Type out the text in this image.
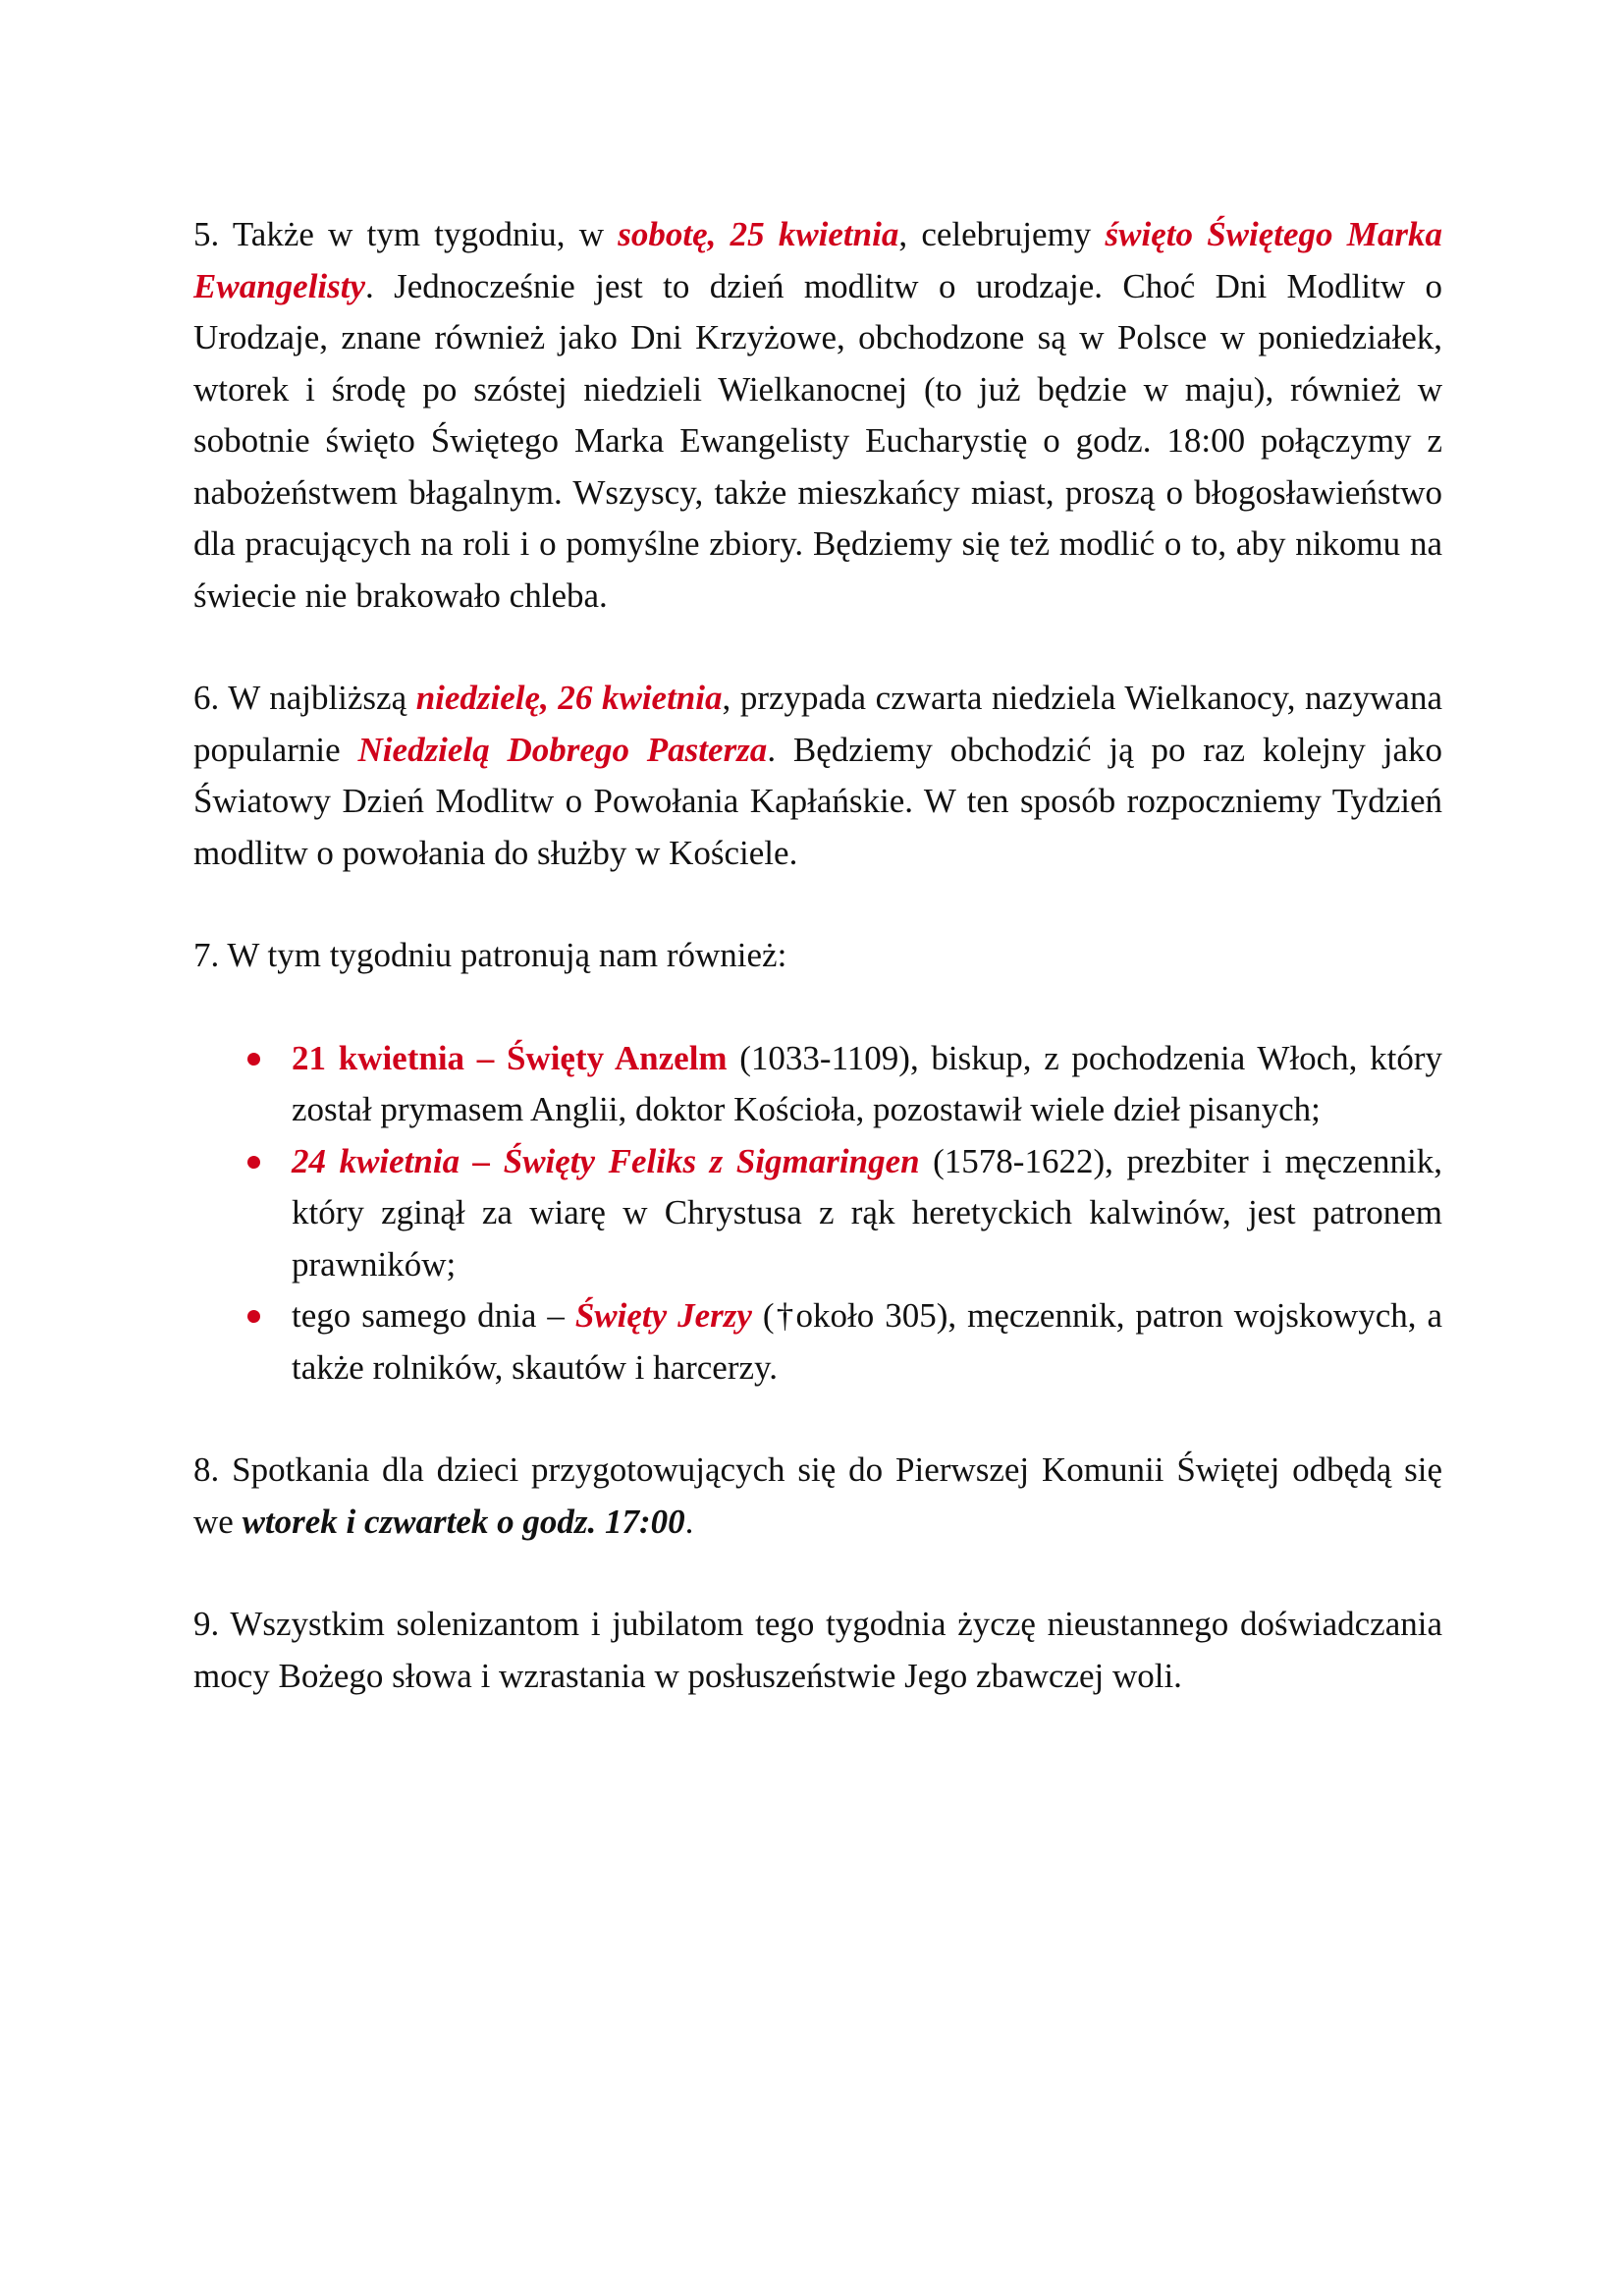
5. Także w tym tygodniu, w sobotę, 25 kwietnia, celebrujemy święto Świętego Marka Ewangelisty. Jednocześnie jest to dzień modlitw o urodzaje. Choć Dni Modlitw o Urodzaje, znane również jako Dni Krzyżowe, obchodzone są w Polsce w poniedziałek, wtorek i środę po szóstej niedzieli Wielkanocnej (to już będzie w maju), również w sobotnie święto Świętego Marka Ewangelisty Eucharystię o godz. 18:00 połączymy z nabożeństwem błagalnym. Wszyscy, także mieszkańcy miast, proszą o błogosławieństwo dla pracujących na roli i o pomyślne zbiory. Będziemy się też modlić o to, aby nikomu na świecie nie brakowało chleba.

6. W najbliższą niedzielę, 26 kwietnia, przypada czwarta niedziela Wielkanocy, nazywana popularnie Niedzielą Dobrego Pasterza. Będziemy obchodzić ją po raz kolejny jako Światowy Dzień Modlitw o Powołania Kapłańskie. W ten sposób rozpoczniemy Tydzień modlitw o powołania do służby w Kościele.

7. W tym tygodniu patronują nam również:

21 kwietnia – Święty Anzelm (1033-1109), biskup, z pochodzenia Włoch, który został prymasem Anglii, doktor Kościoła, pozostawił wiele dzieł pisanych;
24 kwietnia – Święty Feliks z Sigmaringen (1578-1622), prezbiter i męczennik, który zginął za wiarę w Chrystusa z rąk heretyckich kalwinów, jest patronem prawników;
tego samego dnia – Święty Jerzy (†około 305), męczennik, patron wojskowych, a także rolników, skautów i harcerzy.

8. Spotkania dla dzieci przygotowujących się do Pierwszej Komunii Świętej odbędą się we wtorek i czwartek o godz. 17:00.

9. Wszystkim solenizantom i jubilatom tego tygodnia życzę nieustannego doświadczania mocy Bożego słowa i wzrastania w posłuszeństwie Jego zbawczej woli.
